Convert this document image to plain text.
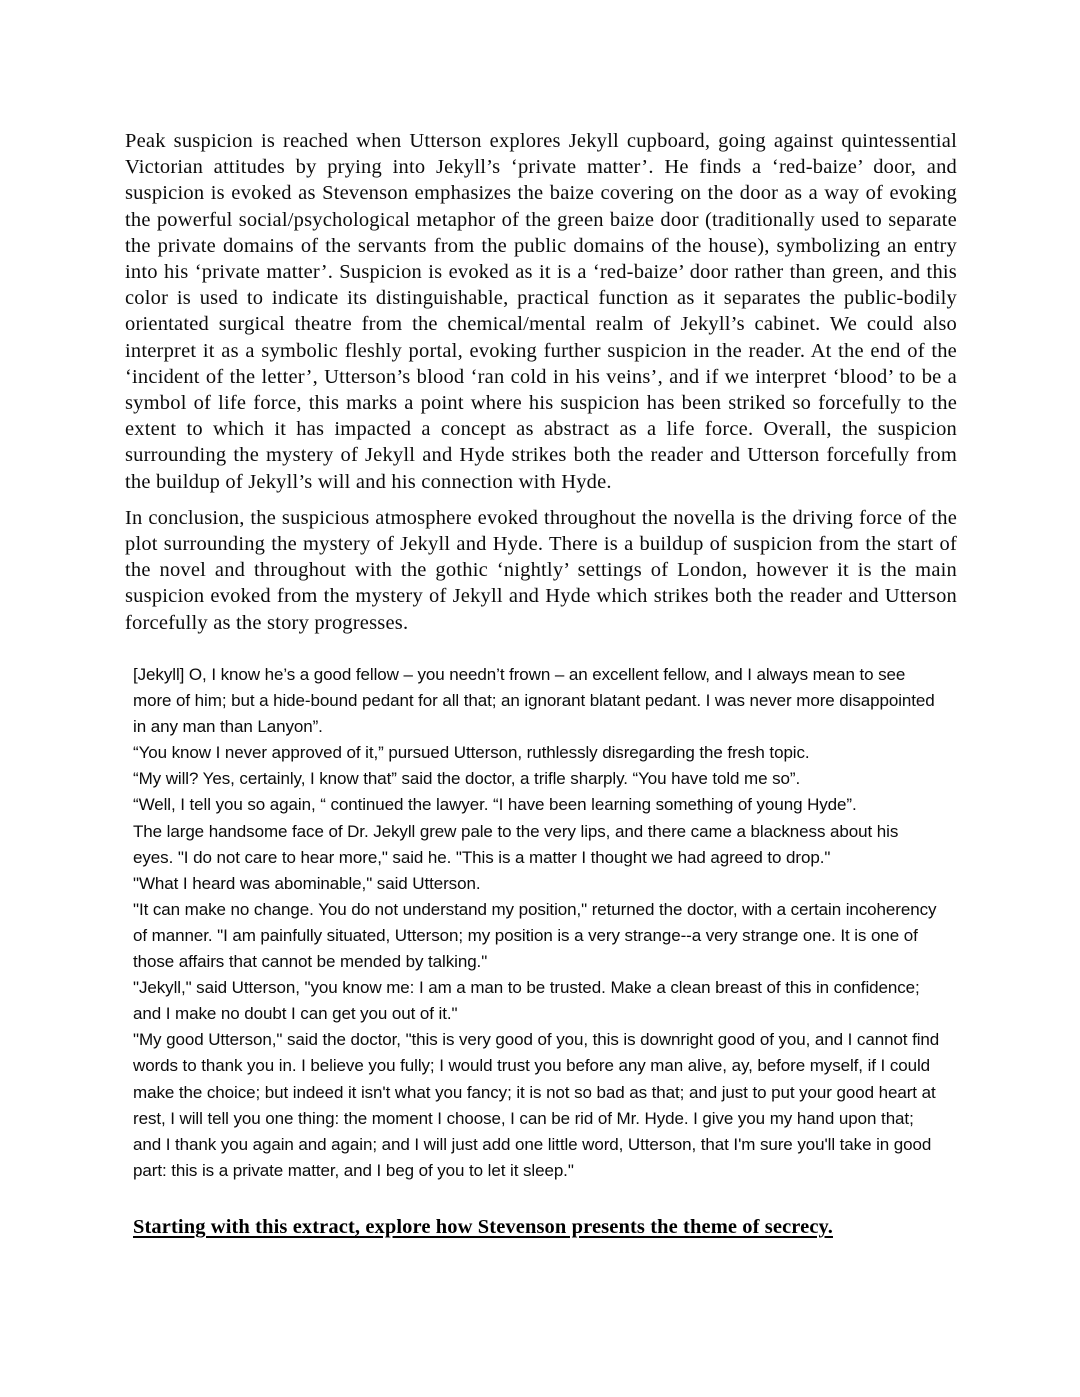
Peak suspicion is reached when Utterson explores Jekyll cupboard, going against quintessential Victorian attitudes by prying into Jekyll’s ‘private matter’. He finds a ‘red-baize’ door, and suspicion is evoked as Stevenson emphasizes the baize covering on the door as a way of evoking the powerful social/psychological metaphor of the green baize door (traditionally used to separate the private domains of the servants from the public domains of the house), symbolizing an entry into his ‘private matter’. Suspicion is evoked as it is a ‘red-baize’ door rather than green, and this color is used to indicate its distinguishable, practical function as it separates the public-bodily orientated surgical theatre from the chemical/mental realm of Jekyll’s cabinet. We could also interpret it as a symbolic fleshly portal, evoking further suspicion in the reader. At the end of the ‘incident of the letter’, Utterson’s blood ‘ran cold in his veins’, and if we interpret ‘blood’ to be a symbol of life force, this marks a point where his suspicion has been striked so forcefully to the extent to which it has impacted a concept as abstract as a life force. Overall, the suspicion surrounding the mystery of Jekyll and Hyde strikes both the reader and Utterson forcefully from the buildup of Jekyll’s will and his connection with Hyde.

In conclusion, the suspicious atmosphere evoked throughout the novella is the driving force of the plot surrounding the mystery of Jekyll and Hyde. There is a buildup of suspicion from the start of the novel and throughout with the gothic ‘nightly’ settings of London, however it is the main suspicion evoked from the mystery of Jekyll and Hyde which strikes both the reader and Utterson forcefully as the story progresses.

[Jekyll] O, I know he’s a good fellow – you needn’t frown – an excellent fellow, and I always mean to see more of him; but a hide-bound pedant for all that; an ignorant blatant pedant. I was never more disappointed in any man than Lanyon”.

“You know I never approved of it,” pursued Utterson, ruthlessly disregarding the fresh topic.

“My will? Yes, certainly, I know that” said the doctor, a trifle sharply. “You have told me so”.

“Well, I tell you so again, “ continued the lawyer. “I have been learning something of young Hyde”.

The large handsome face of Dr. Jekyll grew pale to the very lips, and there came a blackness about his eyes. "I do not care to hear more," said he. "This is a matter I thought we had agreed to drop."

"What I heard was abominable," said Utterson.

"It can make no change. You do not understand my position," returned the doctor, with a certain incoherency of manner. "I am painfully situated, Utterson; my position is a very strange--a very strange one. It is one of those affairs that cannot be mended by talking."

"Jekyll," said Utterson, "you know me: I am a man to be trusted. Make a clean breast of this in confidence; and I make no doubt I can get you out of it."

"My good Utterson," said the doctor, "this is very good of you, this is downright good of you, and I cannot find words to thank you in. I believe you fully; I would trust you before any man alive, ay, before myself, if I could make the choice; but indeed it isn't what you fancy; it is not so bad as that; and just to put your good heart at rest, I will tell you one thing: the moment I choose, I can be rid of Mr. Hyde. I give you my hand upon that; and I thank you again and again; and I will just add one little word, Utterson, that I'm sure you'll take in good part: this is a private matter, and I beg of you to let it sleep."

Starting with this extract, explore how Stevenson presents the theme of secrecy.
